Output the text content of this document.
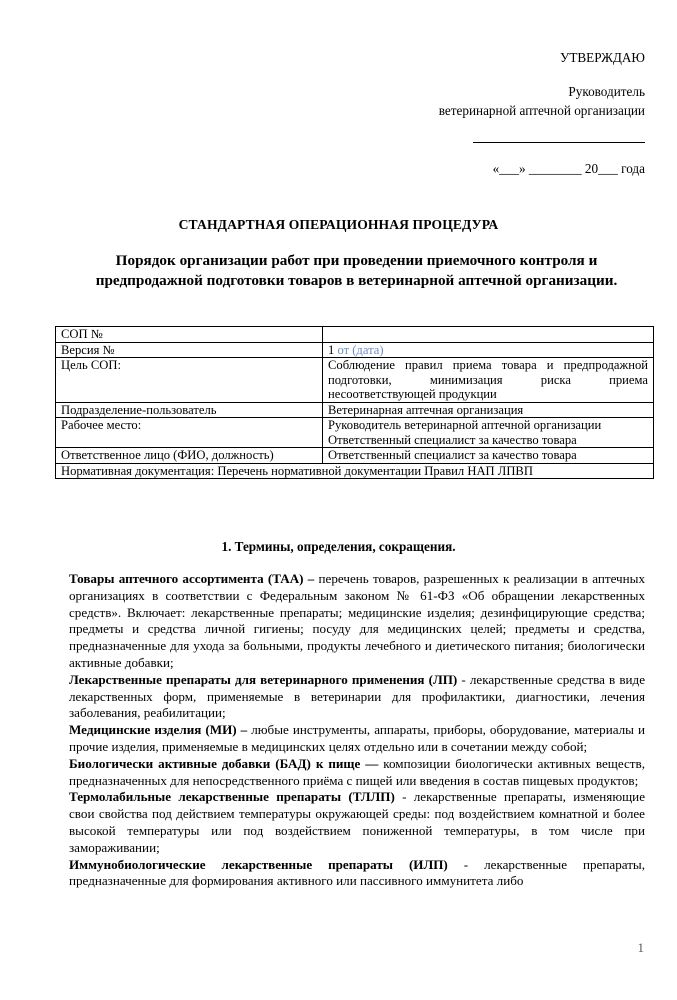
УТВЕРЖДАЮ
Руководитель
ветеринарной аптечной организации
«___» ________ 20___ года
СТАНДАРТНАЯ ОПЕРАЦИОННАЯ ПРОЦЕДУРА
Порядок организации работ при проведении приемочного контроля и предпродажной подготовки товаров в ветеринарной аптечной организации.
СОП №	
Версия №	1 от (дата)
Цель СОП:	Соблюдение правил приема товара и предпродажной подготовки, минимизация риска приема несоответствующей продукции
Подразделение-пользователь	Ветеринарная аптечная организация
Рабочее место:	Руководитель ветеринарной аптечной организации
Ответственный специалист за качество товара

Ответственное лицо (ФИО, должность)	Ответственный специалист за качество товара
Нормативная документация: Перечень нормативной документации Правил НАП ЛПВП	
1. Термины, определения, сокращения.

Товары аптечного ассортимента (ТАА) – перечень товаров, разрешенных к реализации в аптечных организациях в соответствии с Федеральным законом № 61-ФЗ «Об обращении лекарственных средств». Включает: лекарственные препараты; медицинские изделия; дезинфицирующие средства; предметы и средства личной гигиены; посуду для медицинских целей; предметы и средства, предназначенные для ухода за больными, продукты лечебного и диетического питания; биологически активные добавки;

Лекарственные препараты для ветеринарного применения (ЛП) - лекарственные средства в виде лекарственных форм, применяемые в ветеринарии для профилактики, диагностики, лечения заболевания, реабилитации;

Медицинские изделия (МИ) – любые инструменты, аппараты, приборы, оборудование, материалы и прочие изделия, применяемые в медицинских целях отдельно или в сочетании между собой;

Биологически активные добавки (БАД) к пище — композиции биологически активных веществ, предназначенных для непосредственного приёма с пищей или введения в состав пищевых продуктов;

Термолабильные лекарственные препараты (ТЛЛП) - лекарственные препараты, изменяющие свои свойства под действием температуры окружающей среды: под воздействием комнатной и более высокой температуры или под воздействием пониженной температуры, в том числе при замораживании;

Иммунобиологические лекарственные препараты (ИЛП) - лекарственные препараты, предназначенные для формирования активного или пассивного иммунитета либо

1
